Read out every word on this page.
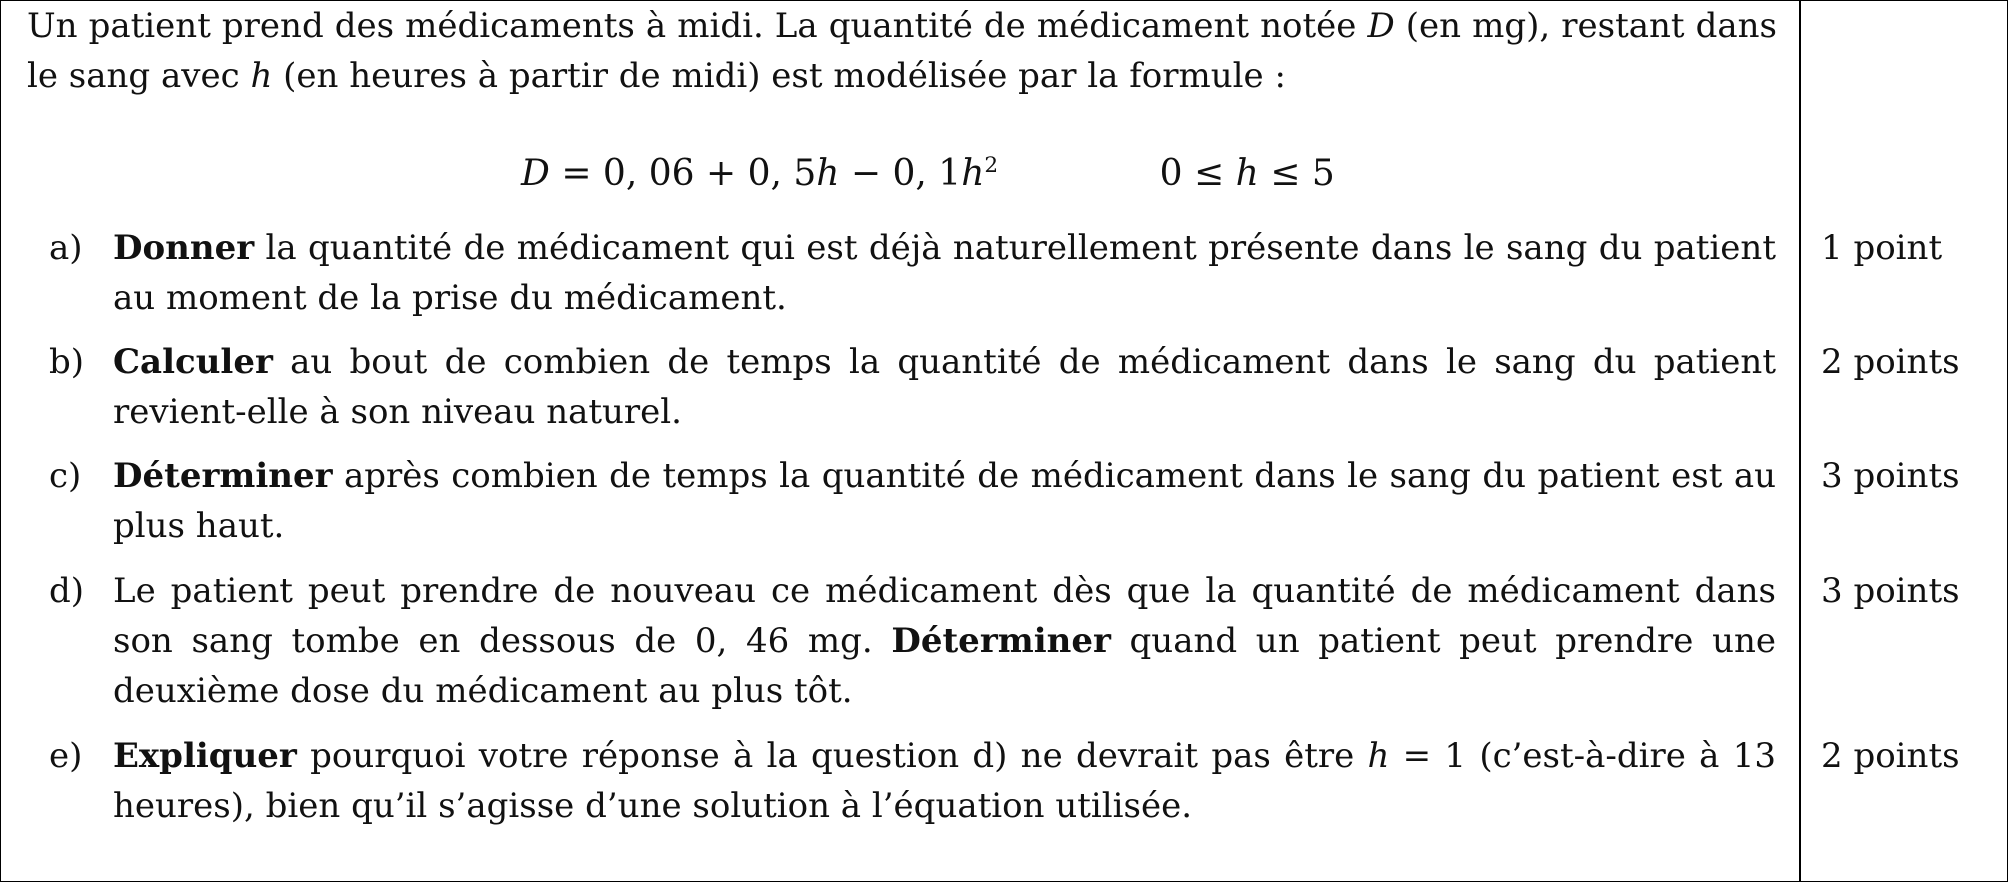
Un patient prend des médicaments à midi. La quantité de médicament notée D (en mg), restant dans le sang avec h (en heures à partir de midi) est modélisée par la formule :
D = 0, 06 + 0, 5h − 0, $1h^2$	0 ≤ h ≤ 5
a) Donner la quantité de médicament qui est déjà naturellement présente dans le sang du patient au moment de la prise du médicament.
1 point
b) Calculer au bout de combien de temps la quantité de médicament dans le sang du patient revient-elle à son niveau naturel.
2 points
c) Déterminer après combien de temps la quantité de médicament dans le sang du patient est au plus haut.
3 points
d) Le patient peut prendre de nouveau ce médicament dès que la quantité de médicament dans son sang tombe en dessous de 0, 46 mg. Déterminer quand un patient peut prendre une deuxième dose du médicament au plus tôt.
3 points
e) Expliquer pourquoi votre réponse à la question d) ne devrait pas être h = 1 (c’est-à-dire à 13 heures), bien qu’il s’agisse d’une solution à l’équation utilisée.
2 points
